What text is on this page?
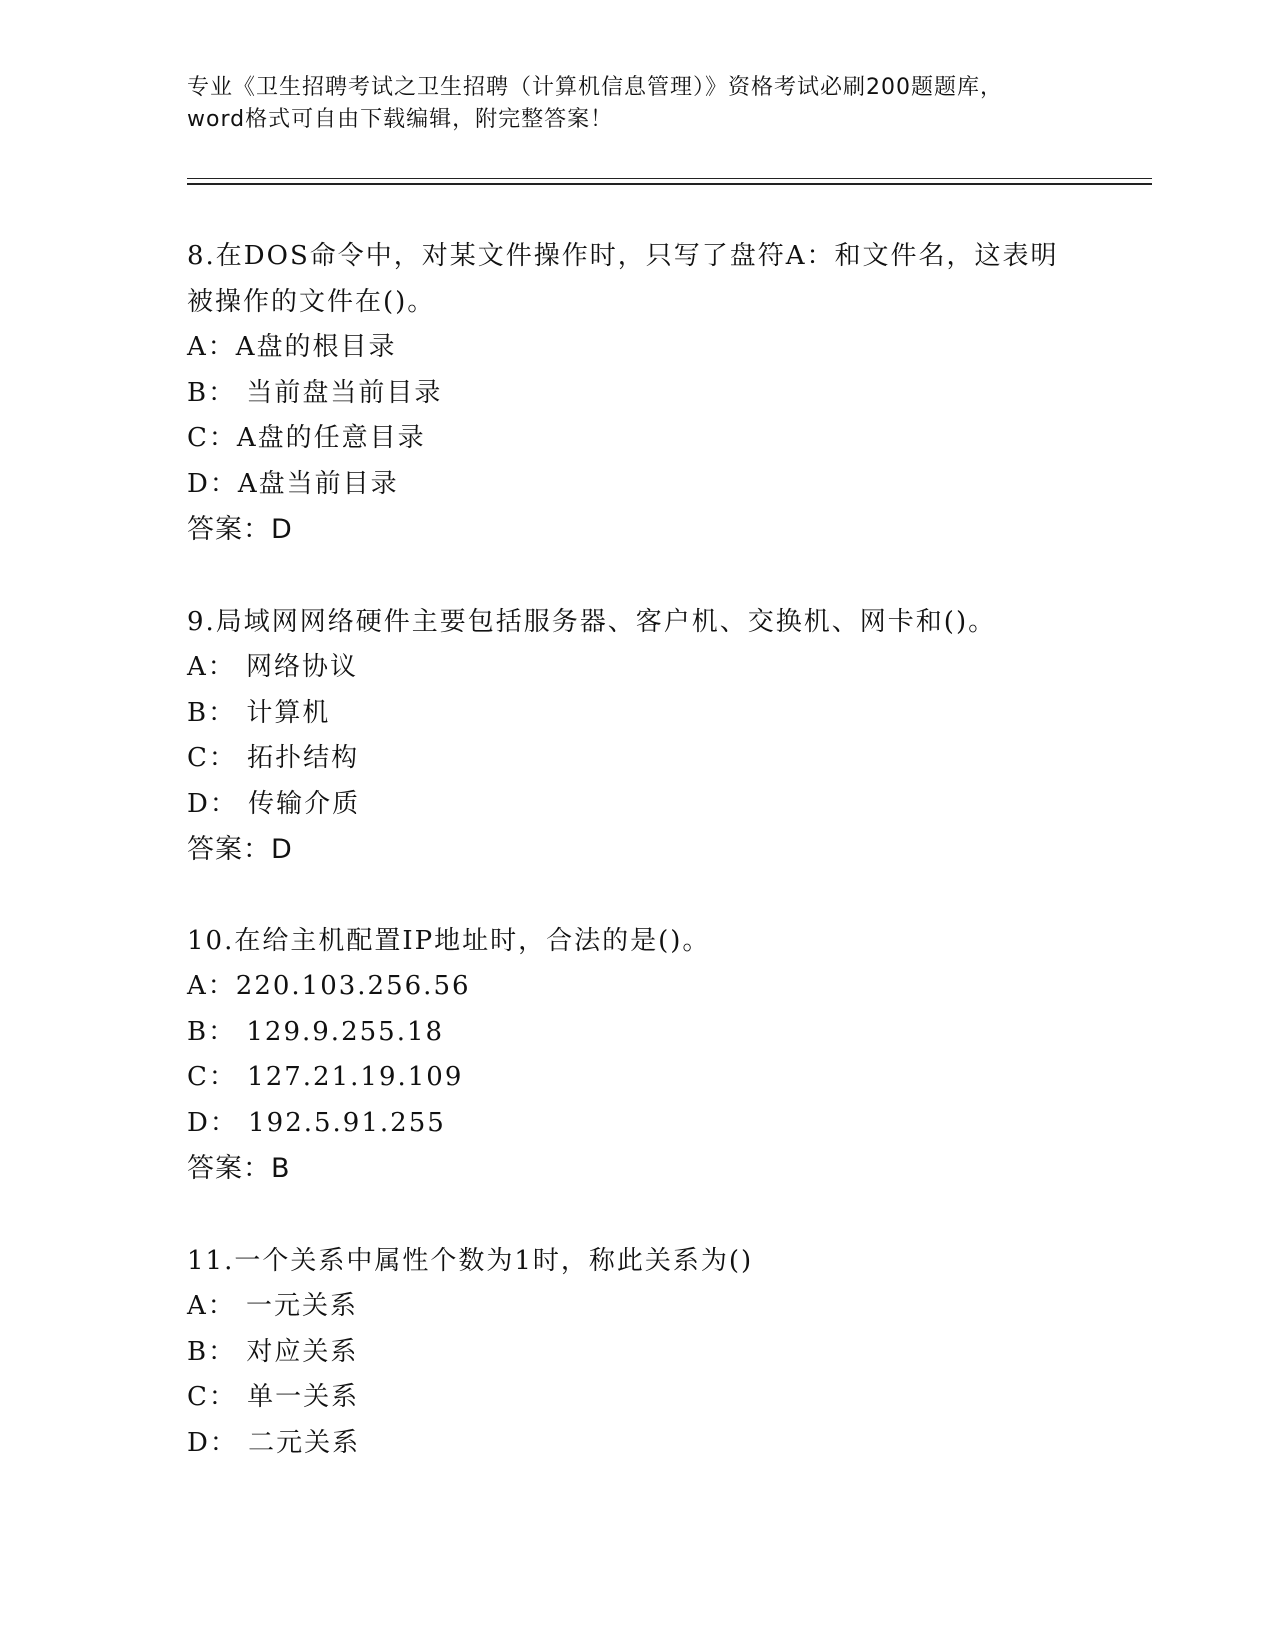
专业《卫生招聘考试之卫生招聘（计算机信息管理）》资格考试必刷200题题库，
word格式可自由下载编辑，附完整答案！

8.在DOS命令中，对某文件操作时，只写了盘符A：和文件名，这表明

被操作的文件在()。

A：A盘的根目录

B： 当前盘当前目录

C：A盘的任意目录

D：A盘当前目录

答案：D

9.局域网网络硬件主要包括服务器、客户机、交换机、网卡和()。

A： 网络协议

B： 计算机

C： 拓扑结构

D： 传输介质

答案：D

10.在给主机配置IP地址时，合法的是()。

A：220.103.256.56

B： 129.9.255.18

C： 127.21.19.109

D： 192.5.91.255

答案：B

11.一个关系中属性个数为1时，称此关系为()

A： 一元关系

B： 对应关系

C： 单一关系

D： 二元关系
